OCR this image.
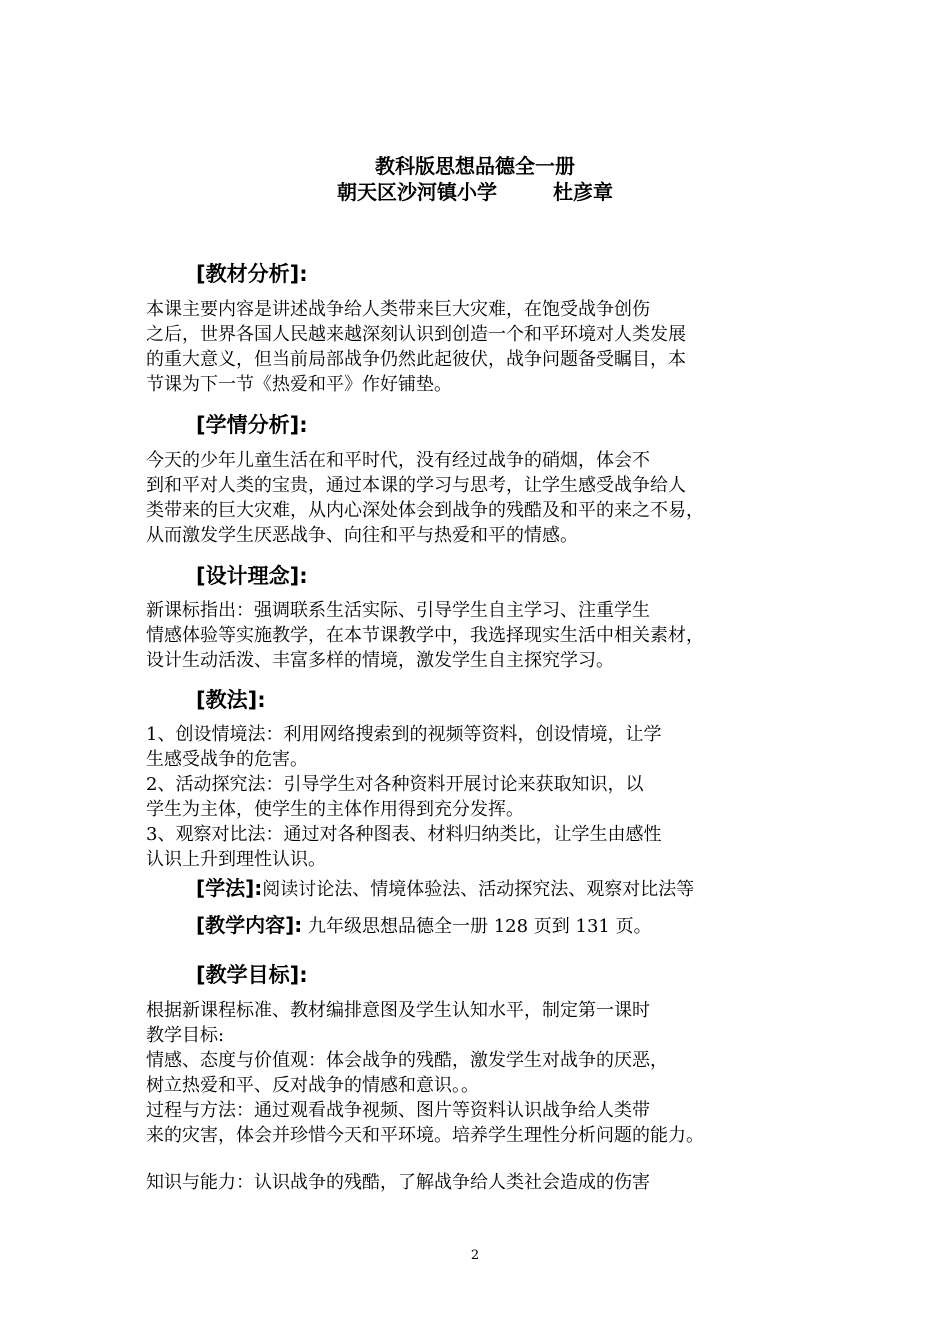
教科版思想品德全一册
朝天区沙河镇小学	杜彦章
[教材分析]:
本课主要内容是讲述战争给人类带来巨大灾难，在饱受战争创伤
之后，世界各国人民越来越深刻认识到创造一个和平环境对人类发展
的重大意义，但当前局部战争仍然此起彼伏，战争问题备受瞩目，本
节课为下一节《热爱和平》作好铺垫。
[学情分析]:
今天的少年儿童生活在和平时代，没有经过战争的硝烟，体会不
到和平对人类的宝贵，通过本课的学习与思考，让学生感受战争给人
类带来的巨大灾难，从内心深处体会到战争的残酷及和平的来之不易，
从而激发学生厌恶战争、向往和平与热爱和平的情感。
[设计理念]:
新课标指出：强调联系生活实际、引导学生自主学习、注重学生
情感体验等实施教学，在本节课教学中，我选择现实生活中相关素材，
设计生动活泼、丰富多样的情境，激发学生自主探究学习。
[教法]:
1、创设情境法：利用网络搜索到的视频等资料，创设情境，让学
生感受战争的危害。
2、活动探究法：引导学生对各种资料开展讨论来获取知识，以
学生为主体，使学生的主体作用得到充分发挥。
3、观察对比法：通过对各种图表、材料归纳类比，让学生由感性
认识上升到理性认识。
[学法]:阅读讨论法、情境体验法、活动探究法、观察对比法等
[教学内容]: 九年级思想品德全一册 128 页到 131 页。
[教学目标]:
根据新课程标准、教材编排意图及学生认知水平，制定第一课时
教学目标:
情感、态度与价值观：体会战争的残酷，激发学生对战争的厌恶，
树立热爱和平、反对战争的情感和意识。。
过程与方法：通过观看战争视频、图片等资料认识战争给人类带
来的灾害，体会并珍惜今天和平环境。培养学生理性分析问题的能力。
知识与能力：认识战争的残酷，了解战争给人类社会造成的伤害
2
